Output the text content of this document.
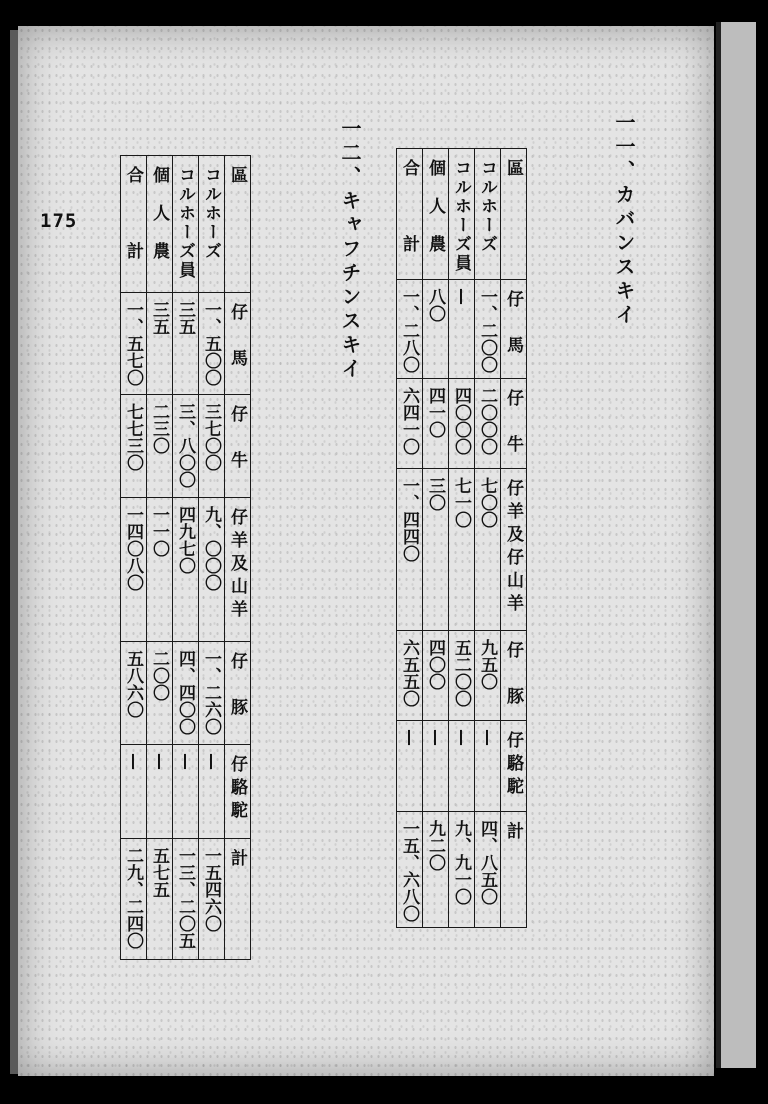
175	一一、カバンスキイ
區	仔　馬	仔　牛	仔羊及仔山羊	仔　豚	仔駱駝	計
コルホーズ	一、二〇〇	二〇〇〇	七〇〇	九五〇	—	四、八五〇
コルホーズ員	—	四〇〇〇	七一〇	五二〇〇	—	九、九一〇
個　人　農	八〇	四一〇	三〇	四〇〇	—	九二〇
合　　　計	一、二八〇	六四一〇	一、四四〇	六五五〇	—	一五、六八〇
一二、キャフチンスキイ
區	仔　馬	仔　牛	仔羊及山羊	仔　豚	仔駱駝	計
コルホーズ	一、五〇〇	三七〇〇	九、〇〇〇	一、二六〇	—	一五四六〇
コルホーズ員	三五	三、八〇〇	四九七〇	四、四〇〇	—	一三、二〇五
個　人　農	三五	二三〇	一一〇	二〇〇	—	五七五
合　　　計	一、五七〇	七七三〇	一四〇八〇	五八六〇	—	二九、二四〇
